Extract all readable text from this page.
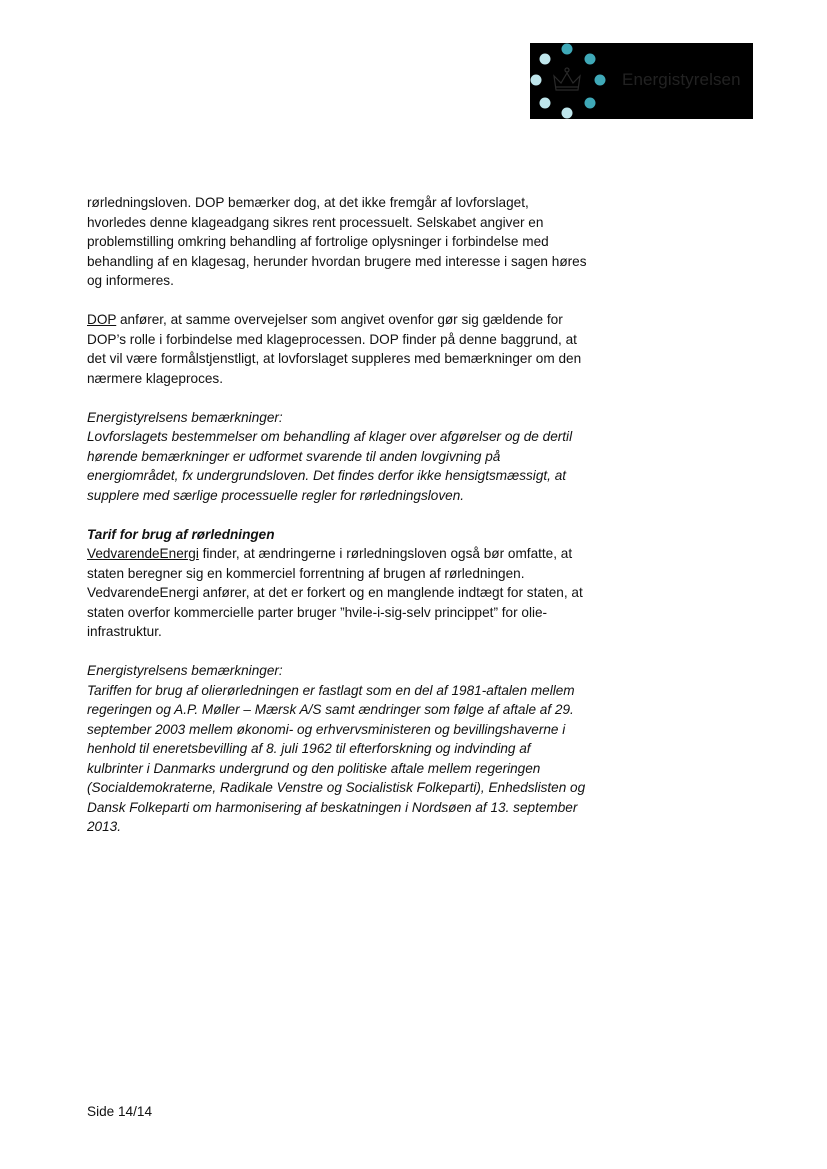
Energistyrelsen
rørledningsloven. DOP bemærker dog, at det ikke fremgår af lovforslaget,
hvorledes denne klageadgang sikres rent processuelt. Selskabet angiver en
problemstilling omkring behandling af fortrolige oplysninger i forbindelse med
behandling af en klagesag, herunder hvordan brugere med interesse i sagen høres
og informeres.
DOP anfører, at samme overvejelser som angivet ovenfor gør sig gældende for
DOP’s rolle i forbindelse med klageprocessen. DOP finder på denne baggrund, at
det vil være formålstjenstligt, at lovforslaget suppleres med bemærkninger om den
nærmere klageproces.
Energistyrelsens bemærkninger:
Lovforslagets bestemmelser om behandling af klager over afgørelser og de dertil
hørende bemærkninger er udformet svarende til anden lovgivning på
energiområdet, fx undergrundsloven. Det findes derfor ikke hensigtsmæssigt, at
supplere med særlige processuelle regler for rørledningsloven.
Tarif for brug af rørledningen
VedvarendeEnergi finder, at ændringerne i rørledningsloven også bør omfatte, at
staten beregner sig en kommerciel forrentning af brugen af rørledningen.
VedvarendeEnergi anfører, at det er forkert og en manglende indtægt for staten, at
staten overfor kommercielle parter bruger ”hvile-i-sig-selv princippet” for olie-
infrastruktur.
Energistyrelsens bemærkninger:
Tariffen for brug af olierørledningen er fastlagt som en del af 1981-aftalen mellem
regeringen og A.P. Møller – Mærsk A/S samt ændringer som følge af aftale af 29.
september 2003 mellem økonomi- og erhvervsministeren og bevillingshaverne i
henhold til eneretsbevilling af 8. juli 1962 til efterforskning og indvinding af
kulbrinter i Danmarks undergrund og den politiske aftale mellem regeringen
(Socialdemokraterne, Radikale Venstre og Socialistisk Folkeparti), Enhedslisten og
Dansk Folkeparti om harmonisering af beskatningen i Nordsøen af 13. september
2013.
Side 14/14
